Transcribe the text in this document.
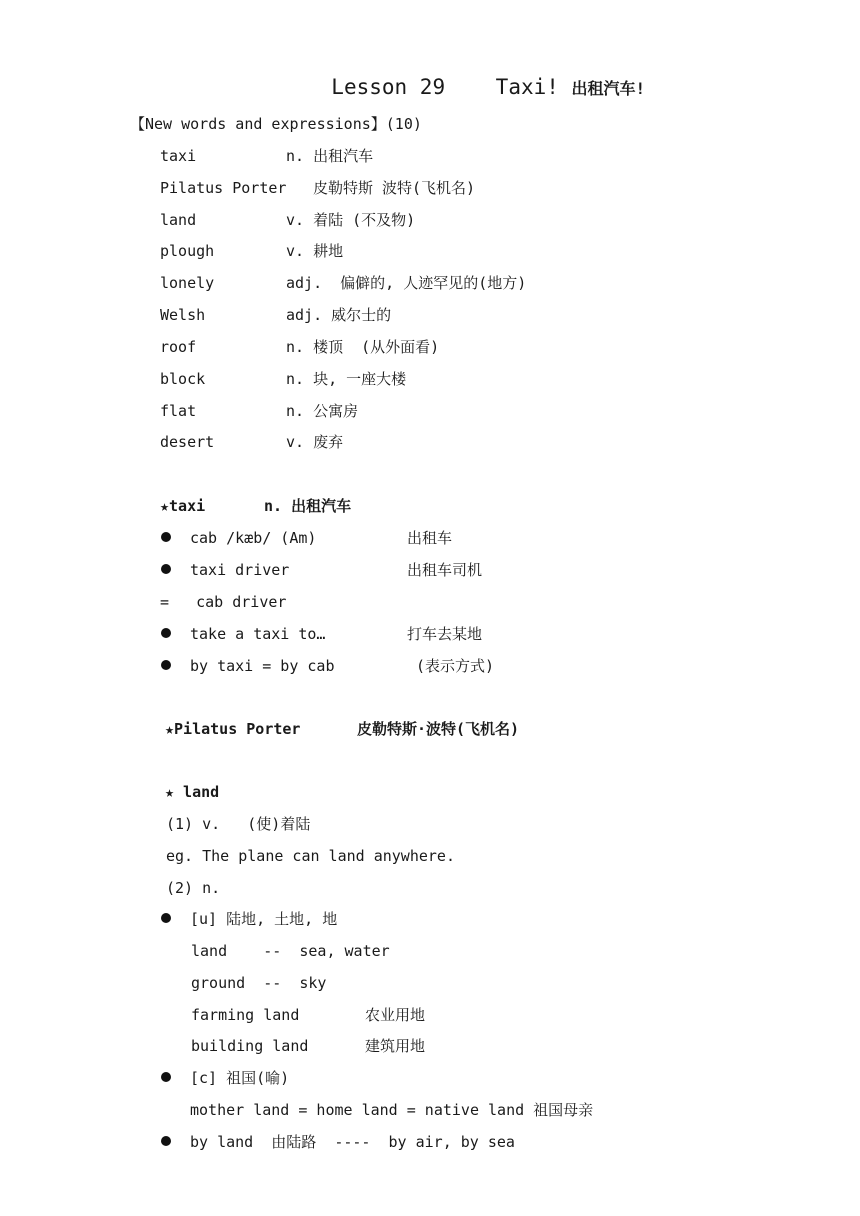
Lesson 29 Taxi! 出租汽车!

【New words and expressions】(10)
taxi	n. 出租汽车
Pilatus Porter 皮勒特斯 波特(飞机名)
land	v. 着陆 (不及物)
plough	v. 耕地
lonely	adj.  偏僻的, 人迹罕见的(地方)
Welsh	adj. 威尔士的
roof	n. 楼顶  (从外面看)
block	n. 块, 一座大楼
flat	n. 公寓房
desert	v. 废弃
★taxi	n. 出租汽车
cab /kæb/ (Am)	出租车
taxi driver	出租车司机
=   cab driver
take a taxi to…	打车去某地
by taxi = by cab	(表示方式)
★Pilatus Porter	皮勒特斯·波特(飞机名)
★ land
(1) v.   (使)着陆
eg. The plane can land anywhere.
(2) n.
[u] 陆地, 土地, 地
land    --  sea, water
ground  --  sky
farming land	农业用地
building land	建筑用地
[c] 祖国(喻)
mother land = home land = native land 祖国母亲
by land  由陆路  ----  by air, by sea
